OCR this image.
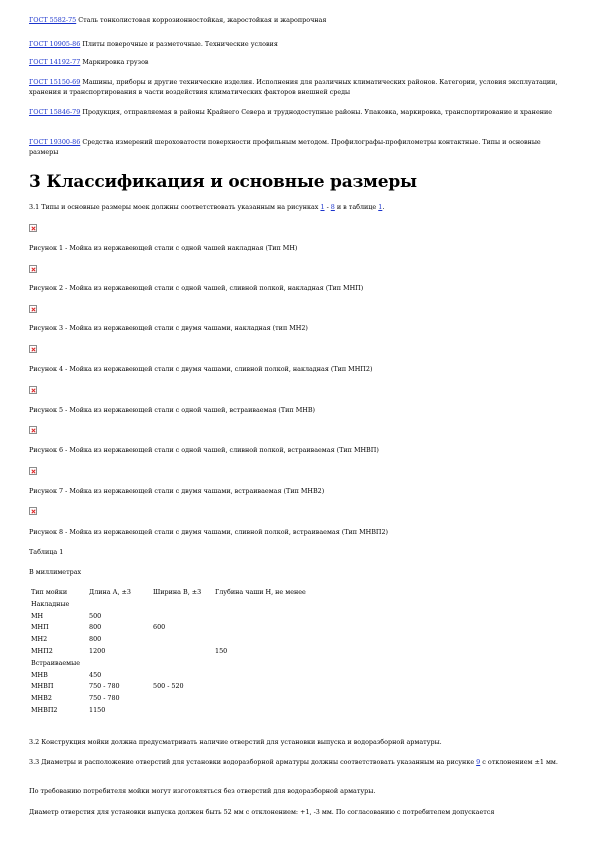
ГОСТ 5582-75 Сталь тонколистовая коррозионностойкая, жаростойкая и жаропрочная
ГОСТ 10905-86 Плиты поверочные и разметочные. Технические условия
ГОСТ 14192-77 Маркировка грузов
ГОСТ 15150-69 Машины, приборы и другие технические изделия. Исполнения для различных климатических районов. Категории, условия эксплуатации, хранения и транспортирования в части воздействия климатических факторов внешней среды
ГОСТ 15846-79 Продукция, отправляемая в районы Крайнего Севера и труднодоступные районы. Упаковка, маркировка, транспортирование и хранение
ГОСТ 19300-86 Средства измерений шероховатости поверхности профильным методом. Профилографы-профилометры контактные. Типы и основные размеры
3 Классификация и основные размеры
3.1 Типы и основные размеры моек должны соответствовать указанным на рисунках 1 - 8 и в таблице 1.
Рисунок 1 - Мойка из нержавеющей стали с одной чашей накладная (Тип МН)
Рисунок 2 - Мойка из нержавеющей стали с одной чашей, сливной полкой, накладная (Тип МНП)
Рисунок 3 - Мойка из нержавеющей стали с двумя чашами, накладная (тип МН2)
Рисунок 4 - Мойка из нержавеющей стали с двумя чашами, сливной полкой, накладная (Тип МНП2)
Рисунок 5 - Мойка из нержавеющей стали с одной чашей, встраиваемая (Тип МНВ)
Рисунок 6 - Мойка из нержавеющей стали с одной чашей, сливной полкой, встраиваемая (Тип МНВП)
Рисунок 7 - Мойка из нержавеющей стали с двумя чашами, встраиваемая (Тип МНВ2)
Рисунок 8 - Мойка из нержавеющей стали с двумя чашами, сливной полкой, встраиваемая (Тип МНВП2)
Таблица 1
В миллиметрах
Тип мойки	Длина А, ±3	Ширина В, ±3	Глубина чаши Н, не менее
Накладные			
МН	500		
МНП	800	600	
МН2	800		
МНП2	1200		150
Встраиваемые			
МНВ	450		
МНВП	750 - 780	500 - 520	
МНВ2	750 - 780		
МНВП2	1150		
3.2 Конструкция мойки должна предусматривать наличие отверстий для установки выпуска и водоразборной арматуры.
3.3 Диаметры и расположение отверстий для установки водоразборной арматуры должны соответствовать указанным на рисунке 9 с отклонением ±1 мм.
По требованию потребителя мойки могут изготовляться без отверстий для водоразборной арматуры.
Диаметр отверстия для установки выпуска должен быть 52 мм с отклонением: +1, -3 мм. По согласованию с потребителем допускается
